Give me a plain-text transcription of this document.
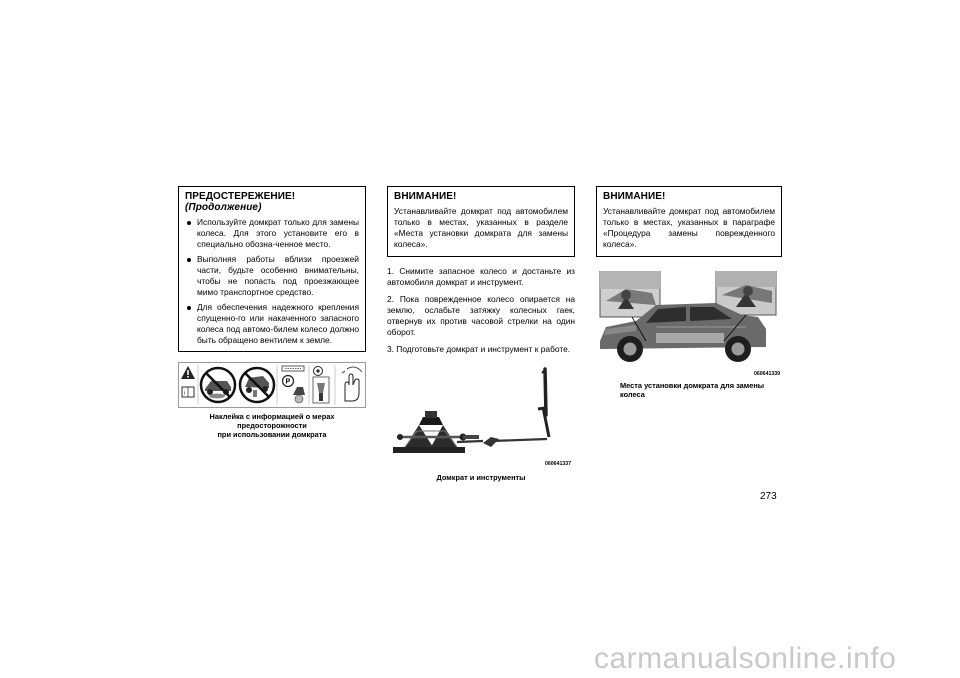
ПРЕДОСТЕРЕЖЕНИЕ! (Продолжение)
Используйте домкрат только для замены колеса. Для этого установите его в специально обозна-ченное место.
Выполняя работы вблизи проезжей части, будьте особенно внимательны, чтобы не попасть под проезжающее мимо транспортное средство.
Для обеспечения надежного крепления спущенно-го или накаченного запасного колеса под автомо-билем колесо должно быть обращено вентилем к земле.
i
P
Наклейка с информацией о мерах предосторожности
при использовании домкрата
ВНИМАНИЕ!
Устанавливайте домкрат под автомобилем только в местах, указанных в разделе «Места установки домкрата для замены колеса».
1. Снимите запасное колесо и достаньте из автомобиля домкрат и инструмент.
2. Пока поврежденное колесо опирается на землю, ослабьте затяжку колесных гаек, отвернув их против часовой стрелки на один оборот.
3. Подготовьте домкрат и инструмент к работе.
060641337
Домкрат и инструменты
ВНИМАНИЕ!
Устанавливайте домкрат под автомобилем только в местах, указанных в параграфе «Процедура замены поврежденного колеса».
060641339
Места установки домкрата для замены колеса
273
carmanualsonline.info
